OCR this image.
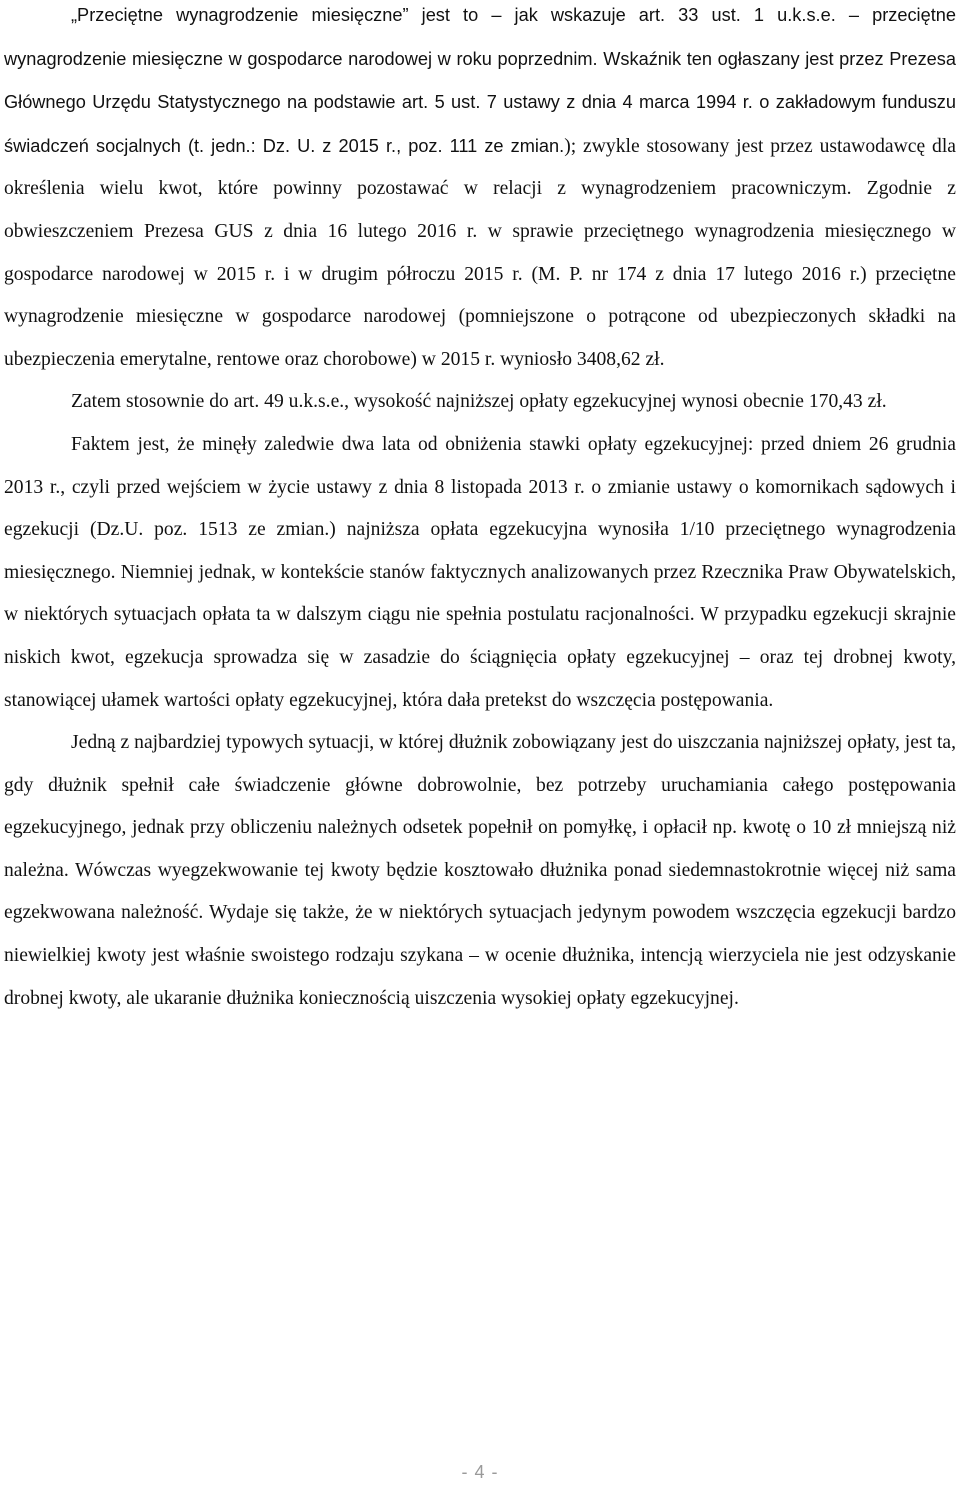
„Przeciętne wynagrodzenie miesięczne” jest to – jak wskazuje art. 33 ust. 1 u.k.s.e. – przeciętne wynagrodzenie miesięczne w gospodarce narodowej w roku poprzednim. Wskaźnik ten ogłaszany jest przez Prezesa Głównego Urzędu Statystycznego na podstawie art. 5 ust. 7 ustawy z dnia 4 marca 1994 r. o zakładowym funduszu świadczeń socjalnych (t. jedn.: Dz. U. z 2015 r., poz. 111 ze zmian.); zwykle stosowany jest przez ustawodawcę dla określenia wielu kwot, które powinny pozostawać w relacji z wynagrodzeniem pracowniczym. Zgodnie z obwieszczeniem Prezesa GUS z dnia 16 lutego 2016 r. w sprawie przeciętnego wynagrodzenia miesięcznego w gospodarce narodowej w 2015 r. i w drugim półroczu 2015 r. (M. P. nr 174 z dnia 17 lutego 2016 r.) przeciętne wynagrodzenie miesięczne w gospodarce narodowej (pomniejszone o potrącone od ubezpieczonych składki na ubezpieczenia emerytalne, rentowe oraz chorobowe) w 2015 r. wyniosło 3408,62 zł.

Zatem stosownie do art. 49 u.k.s.e., wysokość najniższej opłaty egzekucyjnej wynosi obecnie 170,43 zł.

Faktem jest, że minęły zaledwie dwa lata od obniżenia stawki opłaty egzekucyjnej: przed dniem 26 grudnia 2013 r., czyli przed wejściem w życie ustawy z dnia 8 listopada 2013 r. o zmianie ustawy o komornikach sądowych i egzekucji (Dz.U. poz. 1513 ze zmian.) najniższa opłata egzekucyjna wynosiła 1/10 przeciętnego wynagrodzenia miesięcznego. Niemniej jednak, w kontekście stanów faktycznych analizowanych przez Rzecznika Praw Obywatelskich, w niektórych sytuacjach opłata ta w dalszym ciągu nie spełnia postulatu racjonalności. W przypadku egzekucji skrajnie niskich kwot, egzekucja sprowadza się w zasadzie do ściągnięcia opłaty egzekucyjnej – oraz tej drobnej kwoty, stanowiącej ułamek wartości opłaty egzekucyjnej, która dała pretekst do wszczęcia postępowania.

Jedną z najbardziej typowych sytuacji, w której dłużnik zobowiązany jest do uiszczania najniższej opłaty, jest ta, gdy dłużnik spełnił całe świadczenie główne dobrowolnie, bez potrzeby uruchamiania całego postępowania egzekucyjnego, jednak przy obliczeniu należnych odsetek popełnił on pomyłkę, i opłacił np. kwotę o 10 zł mniejszą niż należna. Wówczas wyegzekwowanie tej kwoty będzie kosztowało dłużnika ponad siedemnastokrotnie więcej niż sama egzekwowana należność. Wydaje się także, że w niektórych sytuacjach jedynym powodem wszczęcia egzekucji bardzo niewielkiej kwoty jest właśnie swoistego rodzaju szykana – w ocenie dłużnika, intencją wierzyciela nie jest odzyskanie drobnej kwoty, ale ukaranie dłużnika koniecznością uiszczenia wysokiej opłaty egzekucyjnej.

- 4 -
